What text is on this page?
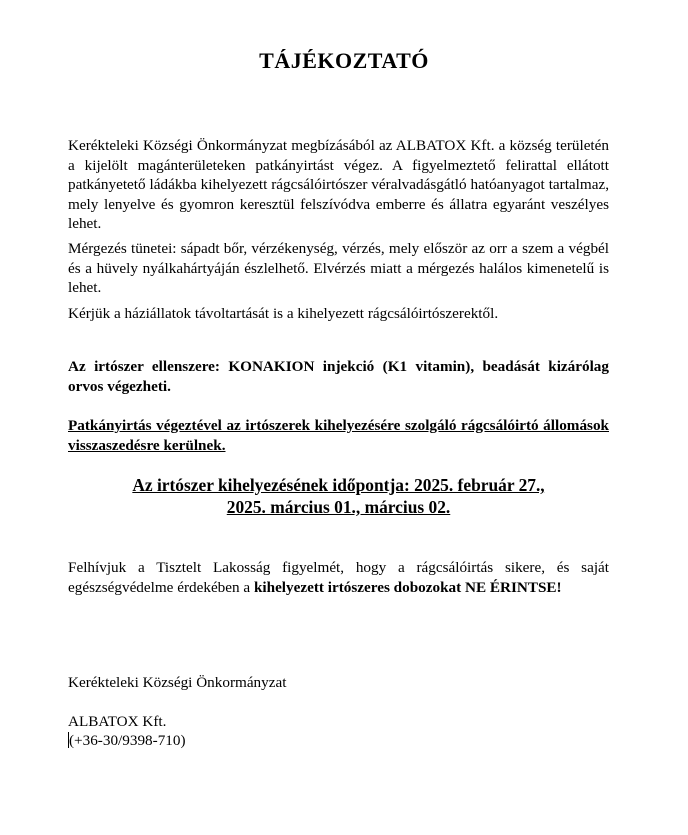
TÁJÉKOZTATÓ

Kerékteleki Községi Önkormányzat megbízásából az ALBATOX Kft. a község területén a kijelölt magánterületeken patkányirtást végez. A figyelmeztető felirattal ellátott patkányetető ládákba kihelyezett rágcsálóirtószer véralvadásgátló hatóanyagot tartalmaz, mely lenyelve és gyomron keresztül felszívódva emberre és állatra egyaránt veszélyes lehet.

Mérgezés tünetei: sápadt bőr, vérzékenység, vérzés, mely először az orr a szem a végbél és a hüvely nyálkahártyáján észlelhető. Elvérzés miatt a mérgezés halálos kimenetelű is lehet.

Kérjük a háziállatok távoltartását is a kihelyezett rágcsálóirtószerektől.

Az irtószer ellenszere: KONAKION injekció (K1 vitamin), beadását kizárólag orvos végezheti.

Patkányirtás végeztével az irtószerek kihelyezésére szolgáló rágcsálóirtó állomások visszaszedésre kerülnek.

Az irtószer kihelyezésének időpontja: 2025. február 27.,
2025. március 01., március 02.

Felhívjuk a Tisztelt Lakosság figyelmét, hogy a rágcsálóirtás sikere, és saját egészségvédelme érdekében a kihelyezett irtószeres dobozokat NE ÉRINTSE!

Kerékteleki Községi Önkormányzat
ALBATOX Kft.
(+36-30/9398-710)
